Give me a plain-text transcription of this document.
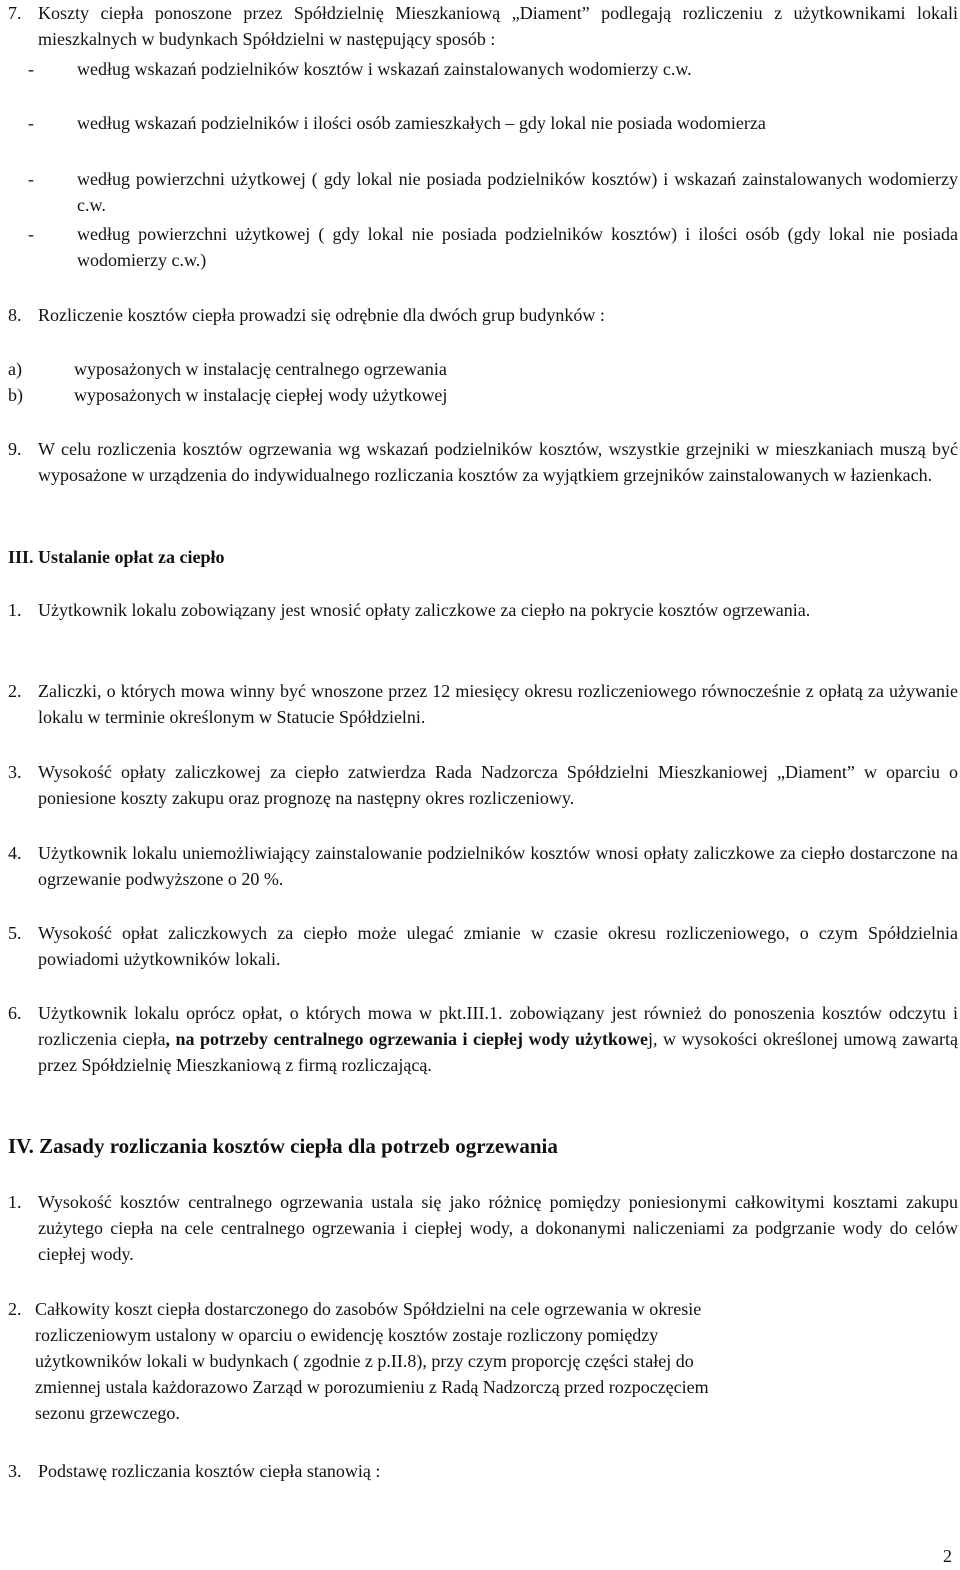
7. Koszty ciepła ponoszone przez Spółdzielnię Mieszkaniową „Diament” podlegają rozliczeniu z użytkownikami lokali mieszkalnych w budynkach Spółdzielni w następujący sposób :
- według wskazań podzielników kosztów i wskazań zainstalowanych wodomierzy c.w.
- według wskazań podzielników i ilości osób zamieszkałych – gdy lokal nie posiada wodomierza
- według powierzchni użytkowej ( gdy lokal nie posiada podzielników kosztów) i wskazań zainstalowanych wodomierzy c.w.
- według powierzchni użytkowej ( gdy lokal nie posiada podzielników kosztów) i ilości osób (gdy lokal nie posiada wodomierzy c.w.)
8. Rozliczenie kosztów ciepła prowadzi się odrębnie dla dwóch grup budynków :
a)	wyposażonych w instalację centralnego ogrzewania
b)	wyposażonych w instalację ciepłej wody użytkowej
9. W celu rozliczenia kosztów ogrzewania wg wskazań podzielników kosztów, wszystkie grzejniki w mieszkaniach muszą być wyposażone w urządzenia do indywidualnego rozliczania kosztów za wyjątkiem grzejników zainstalowanych w łazienkach.
III. Ustalanie opłat za ciepło
1. Użytkownik lokalu zobowiązany jest wnosić opłaty zaliczkowe za ciepło na pokrycie kosztów ogrzewania.
2. Zaliczki, o których mowa winny być wnoszone przez 12 miesięcy okresu rozliczeniowego równocześnie z opłatą za używanie lokalu w terminie określonym w Statucie Spółdzielni.
3. Wysokość opłaty zaliczkowej za ciepło zatwierdza Rada Nadzorcza Spółdzielni Mieszkaniowej „Diament” w oparciu o poniesione koszty zakupu oraz prognozę na następny okres rozliczeniowy.
4. Użytkownik lokalu uniemożliwiający zainstalowanie podzielników kosztów wnosi opłaty zaliczkowe za ciepło dostarczone na ogrzewanie podwyższone o 20 %.
5. Wysokość opłat zaliczkowych za ciepło może ulegać zmianie w czasie okresu rozliczeniowego, o czym Spółdzielnia powiadomi użytkowników lokali.
6. Użytkownik lokalu oprócz opłat, o których mowa w pkt.III.1. zobowiązany jest również do ponoszenia kosztów odczytu i rozliczenia ciepła, na potrzeby centralnego ogrzewania i ciepłej wody użytkowej, w wysokości określonej umową zawartą przez Spółdzielnię Mieszkaniową z firmą rozliczającą.
IV. Zasady rozliczania kosztów ciepła dla potrzeb ogrzewania
1. Wysokość kosztów centralnego ogrzewania ustala się jako różnicę pomiędzy poniesionymi całkowitymi kosztami zakupu zużytego ciepła na cele centralnego ogrzewania i ciepłej wody, a dokonanymi naliczeniami za podgrzanie wody do celów ciepłej wody.
2. Całkowity koszt ciepła dostarczonego do zasobów Spółdzielni na cele ogrzewania w okresie
rozliczeniowym ustalony w oparciu o ewidencję kosztów zostaje rozliczony pomiędzy
użytkowników lokali w budynkach ( zgodnie z p.II.8), przy czym proporcję części stałej do
zmiennej ustala każdorazowo Zarząd w porozumieniu z Radą Nadzorczą przed rozpoczęciem
sezonu grzewczego.
3. Podstawę rozliczania kosztów ciepła stanowią :
2
